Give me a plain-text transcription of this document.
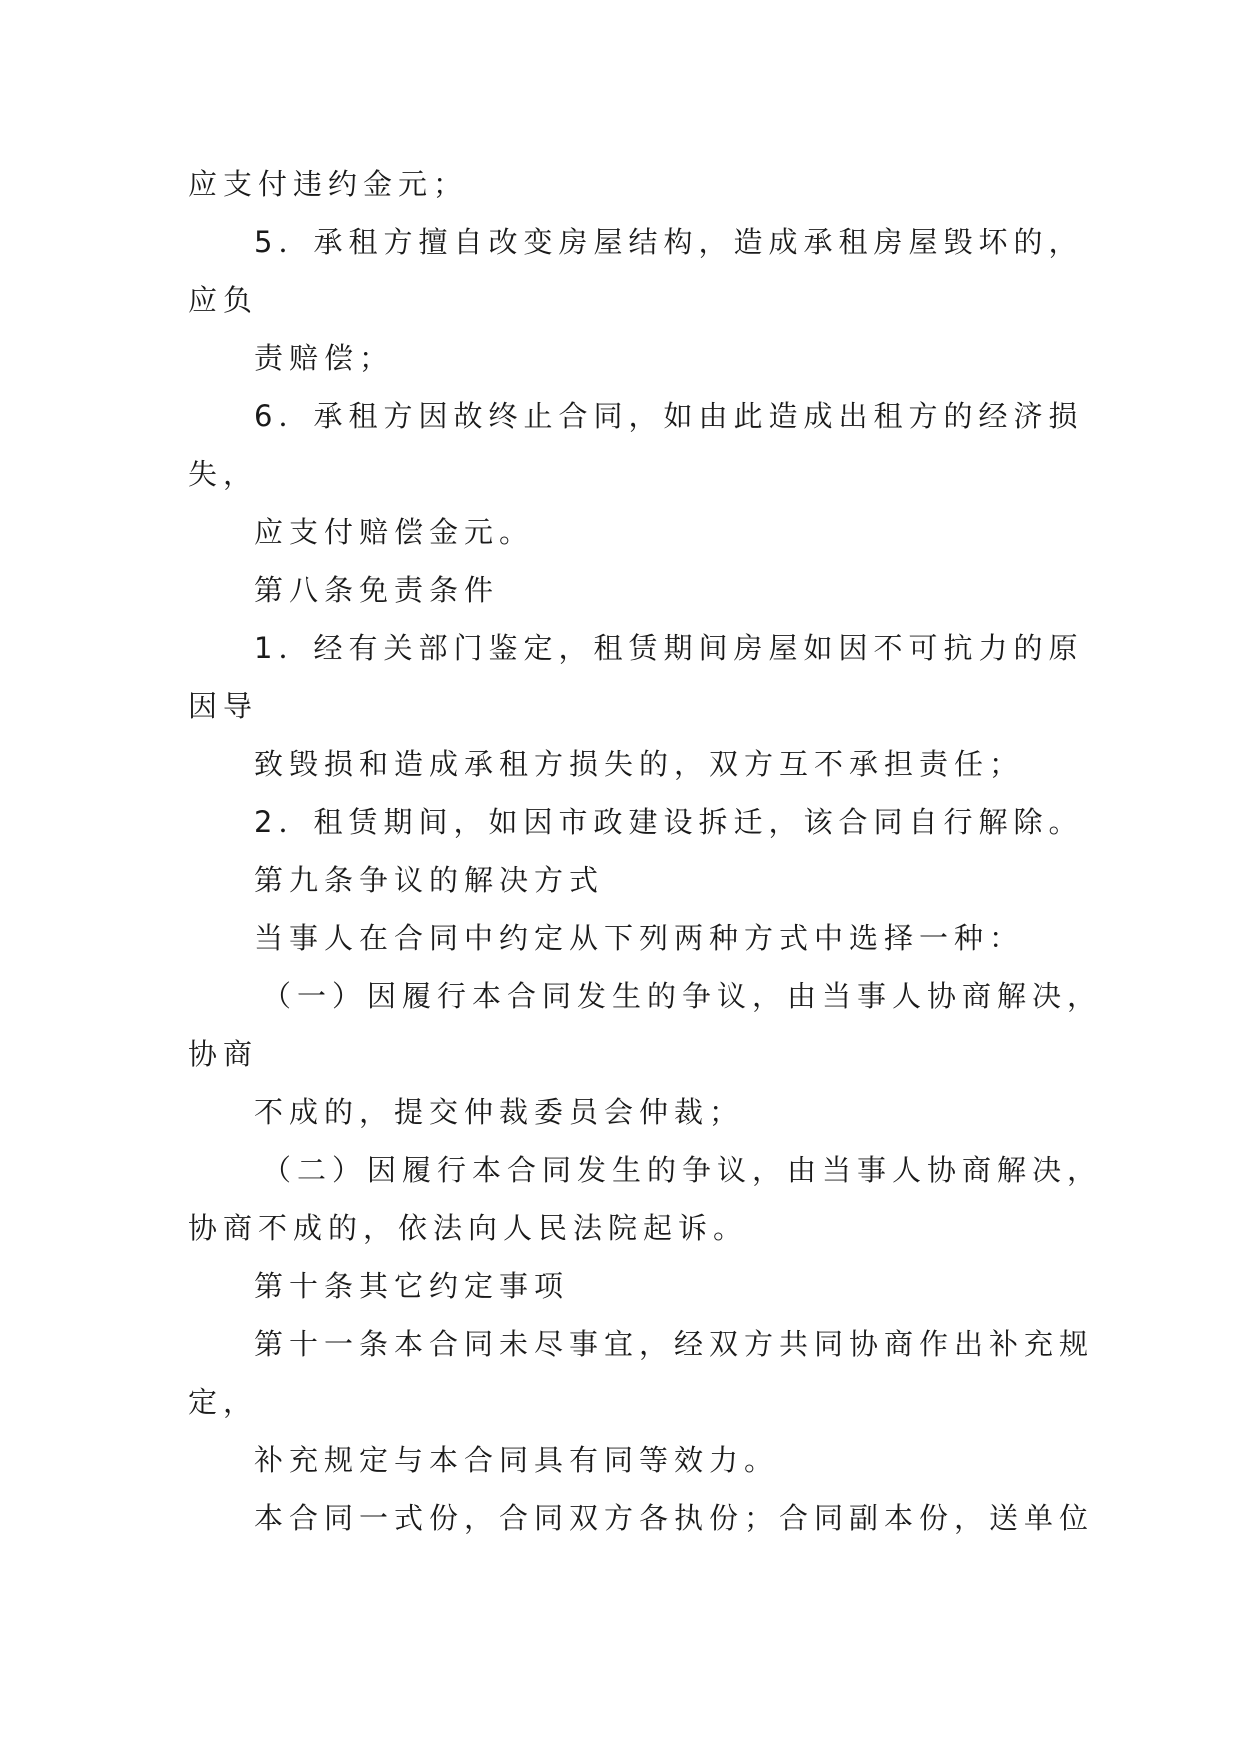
应支付违约金元；

5．承租方擅自改变房屋结构，造成承租房屋毁坏的，

应负

责赔偿；

6．承租方因故终止合同，如由此造成出租方的经济损

失，

应支付赔偿金元。

第八条免责条件

1．经有关部门鉴定，租赁期间房屋如因不可抗力的原

因导

致毁损和造成承租方损失的，双方互不承担责任；

2．租赁期间，如因市政建设拆迁，该合同自行解除。

第九条争议的解决方式

当事人在合同中约定从下列两种方式中选择一种：

（一）因履行本合同发生的争议，由当事人协商解决，

协商

不成的，提交仲裁委员会仲裁；

（二）因履行本合同发生的争议，由当事人协商解决，

协商不成的，依法向人民法院起诉。

第十条其它约定事项

第十一条本合同未尽事宜，经双方共同协商作出补充规

定，

补充规定与本合同具有同等效力。

本合同一式份，合同双方各执份；合同副本份，送单位
